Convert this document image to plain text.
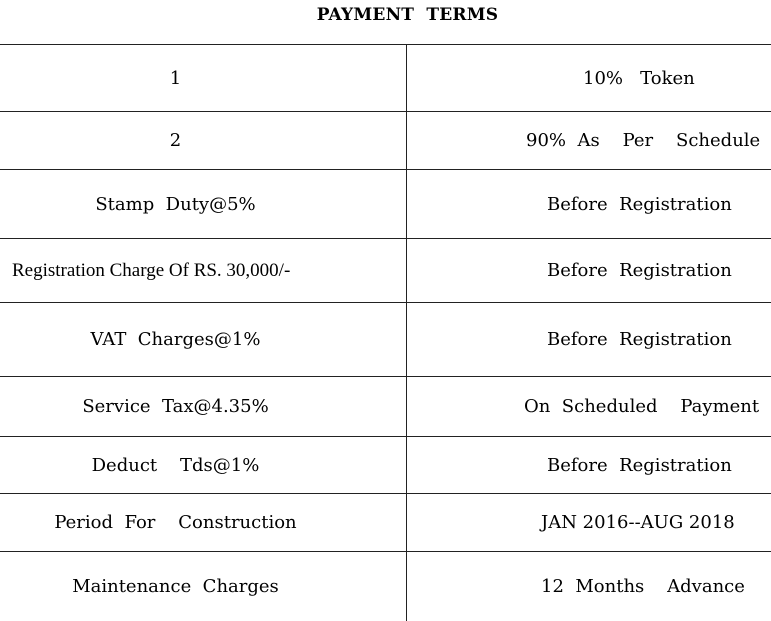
PAYMENT  TERMS
1	10%   Token
2	90%  As    Per    Schedule
Stamp  Duty@5%	Before  Registration
Registration Charge Of RS. 30,000/-	Before  Registration
VAT  Charges@1%	Before  Registration
Service  Tax@4.35%	On  Scheduled    Payment
Deduct    Tds@1%	Before  Registration
Period  For    Construction	JAN 2016--AUG 2018
Maintenance  Charges	12  Months    Advance
